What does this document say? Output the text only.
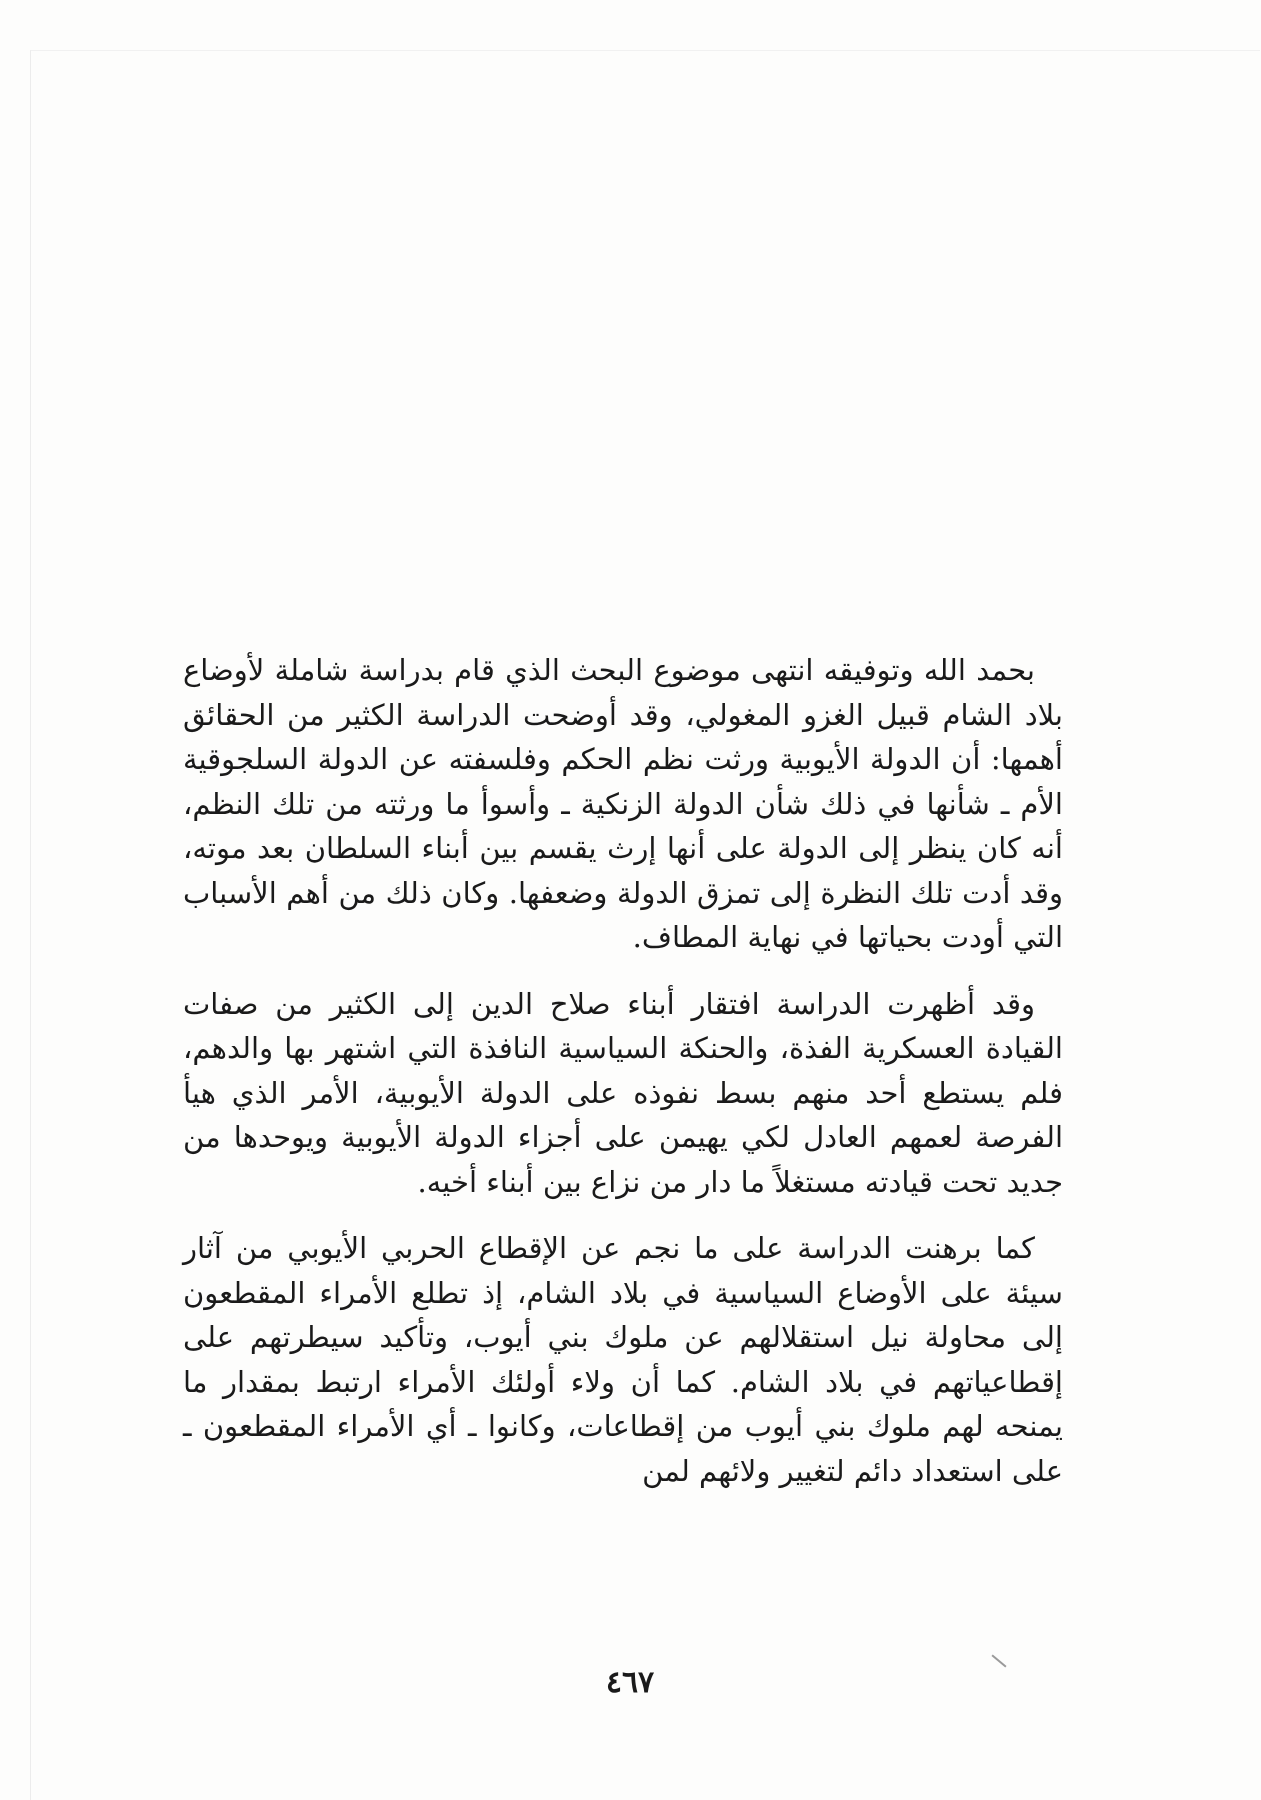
بحمد الله وتوفيقه انتهى موضوع البحث الذي قام بدراسة شاملة لأوضاع بلاد الشام قبيل الغزو المغولي، وقد أوضحت الدراسة الكثير من الحقائق أهمها: أن الدولة الأيوبية ورثت نظم الحكم وفلسفته عن الدولة السلجوقية الأم ـ شأنها في ذلك شأن الدولة الزنكية ـ وأسوأ ما ورثته من تلك النظم، أنه كان ينظر إلى الدولة على أنها إرث يقسم بين أبناء السلطان بعد موته، وقد أدت تلك النظرة إلى تمزق الدولة وضعفها. وكان ذلك من أهم الأسباب التي أودت بحياتها في نهاية المطاف.

وقد أظهرت الدراسة افتقار أبناء صلاح الدين إلى الكثير من صفات القيادة العسكرية الفذة، والحنكة السياسية النافذة التي اشتهر بها والدهم، فلم يستطع أحد منهم بسط نفوذه على الدولة الأيوبية، الأمر الذي هيأ الفرصة لعمهم العادل لكي يهيمن على أجزاء الدولة الأيوبية ويوحدها من جديد تحت قيادته مستغلاً ما دار من نزاع بين أبناء أخيه.

كما برهنت الدراسة على ما نجم عن الإقطاع الحربي الأيوبي من آثار سيئة على الأوضاع السياسية في بلاد الشام، إذ تطلع الأمراء المقطعون إلى محاولة نيل استقلالهم عن ملوك بني أيوب، وتأكيد سيطرتهم على إقطاعياتهم في بلاد الشام. كما أن ولاء أولئك الأمراء ارتبط بمقدار ما يمنحه لهم ملوك بني أيوب من إقطاعات، وكانوا ـ أي الأمراء المقطعون ـ على استعداد دائم لتغيير ولائهم لمن

٤٦٧
